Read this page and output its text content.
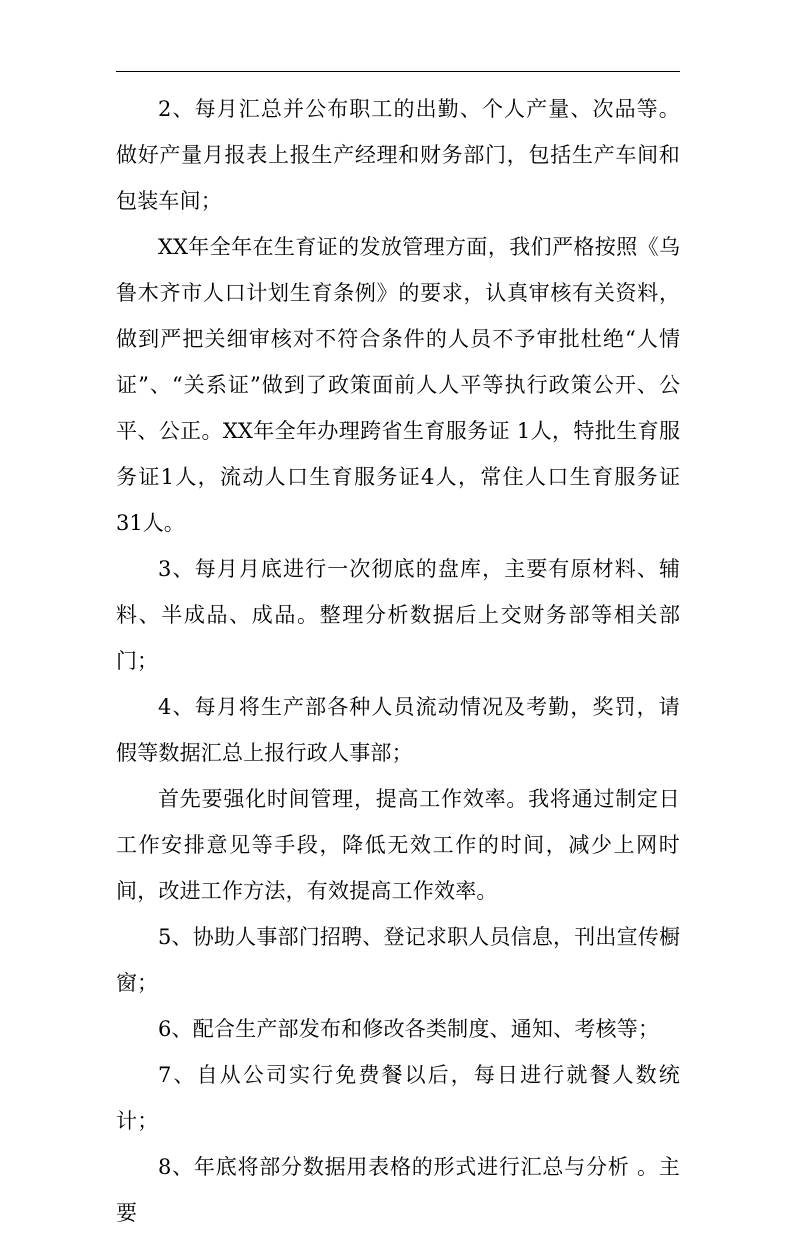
2、每月汇总并公布职工的出勤、个人产量、次品等。做好产量月报表上报生产经理和财务部门，包括生产车间和包装车间；

XX年全年在生育证的发放管理方面，我们严格按照《乌鲁木齐市人口计划生育条例》的要求，认真审核有关资料，做到严把关细审核对不符合条件的人员不予审批杜绝“人情证”、“关系证”做到了政策面前人人平等执行政策公开、公平、公正。XX年全年办理跨省生育服务证 1人，特批生育服务证1人，流动人口生育服务证4人，常住人口生育服务证 31人。

3、每月月底进行一次彻底的盘库，主要有原材料、辅料、半成品、成品。整理分析数据后上交财务部等相关部门；

4、每月将生产部各种人员流动情况及考勤，奖罚，请假等数据汇总上报行政人事部；

首先要强化时间管理，提高工作效率。我将通过制定日工作安排意见等手段，降低无效工作的时间，减少上网时间，改进工作方法，有效提高工作效率。

5、协助人事部门招聘、登记求职人员信息，刊出宣传橱窗；

6、配合生产部发布和修改各类制度、通知、考核等；

7、自从公司实行免费餐以后，每日进行就餐人数统计；

8、年底将部分数据用表格的形式进行汇总与分析 。主要
